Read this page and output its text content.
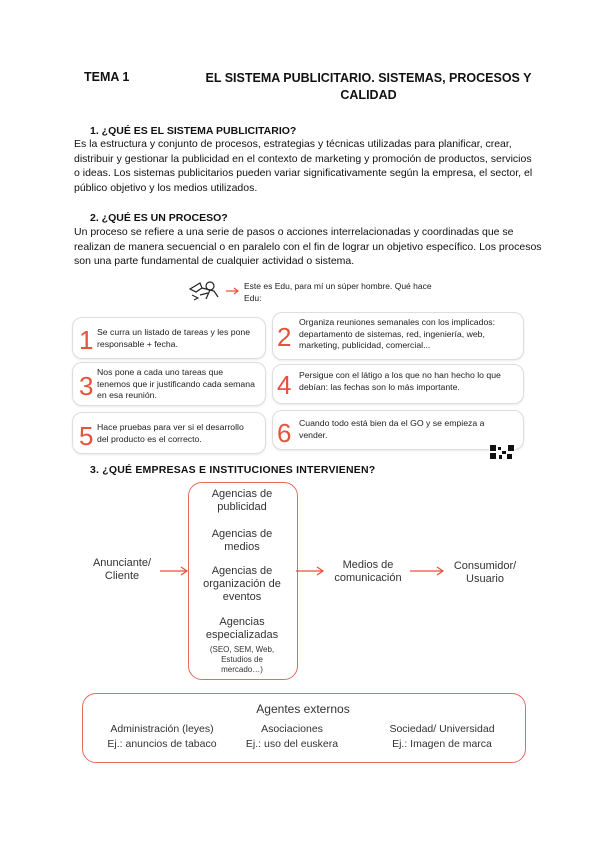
TEMA 1	EL SISTEMA PUBLICITARIO. SISTEMAS, PROCESOS Y CALIDAD
1. ¿QUÉ ES EL SISTEMA PUBLICITARIO?
Es la estructura y conjunto de procesos, estrategias y técnicas utilizadas para planificar, crear, distribuir y gestionar la publicidad en el contexto de marketing y promoción de productos, servicios o ideas. Los sistemas publicitarios pueden variar significativamente según la empresa, el sector, el público objetivo y los medios utilizados.
2. ¿QUÉ ES UN PROCESO?
Un proceso se refiere a una serie de pasos o acciones interrelacionadas y coordinadas que se realizan de manera secuencial o en paralelo con el fin de lograr un objetivo específico. Los procesos son una parte fundamental de cualquier actividad o sistema.
Este es Edu, para mí un súper hombre. Qué hace Edu:
1 Se curra un listado de tareas y les pone responsable + fecha.	2 Organiza reuniones semanales con los implicados: departamento de sistemas, red, ingeniería, web, marketing, publicidad, comercial...
3 Nos pone a cada uno tareas que tenemos que ir justificando cada semana en esa reunión.	4 Persigue con el látigo a los que no han hecho lo que debían: las fechas son lo más importante.
5 Hace pruebas para ver si el desarrollo del producto es el correcto.	6 Cuando todo está bien da el GO y se empieza a vender.
3. ¿QUÉ EMPRESAS E INSTITUCIONES INTERVIENEN?
Agencias de publicidad
Agencias de medios
Agencias de organización de eventos
Agencias especializadas
(SEO, SEM, Web, Estudios de mercado…)
Anunciante/ Cliente
Medios de comunicación
Consumidor/ Usuario
Agentes externos
Administración (leyes)
Ej.: anuncios de tabaco
Asociaciones
Ej.: uso del euskera
Sociedad/ Universidad
Ej.: Imagen de marca
